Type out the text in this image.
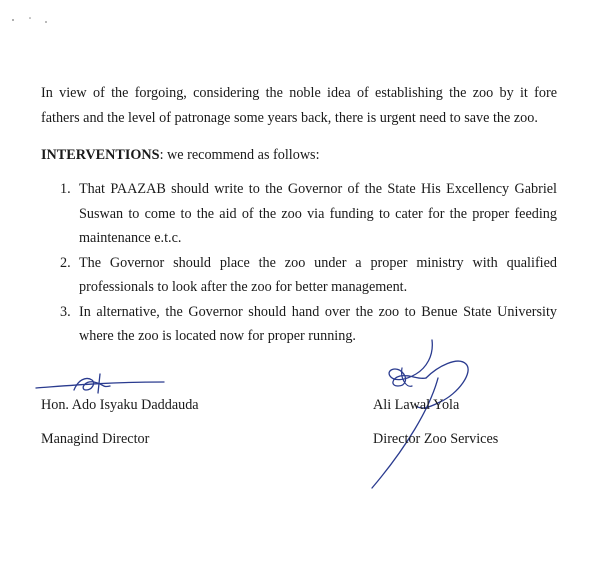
In view of the forgoing, considering the noble idea of establishing the zoo by it fore
fathers and the level of patronage some years back, there is urgent need to save the zoo.
INTERVENTIONS: we recommend as follows:
1. That PAAZAB should write to the Governor of the State His Excellency Gabriel
Suswan to come to the aid of the zoo via funding to cater for the proper feeding
maintenance e.t.c.
2. The Governor should place the zoo under a proper ministry with qualified
professionals to look after the zoo for better management.
3. In alternative, the Governor should hand over the zoo to Benue State University
where the zoo is located now for proper running.
Hon. Ado Isyaku Daddauda
Managind Director
Ali Lawal Yola
Director Zoo Services
